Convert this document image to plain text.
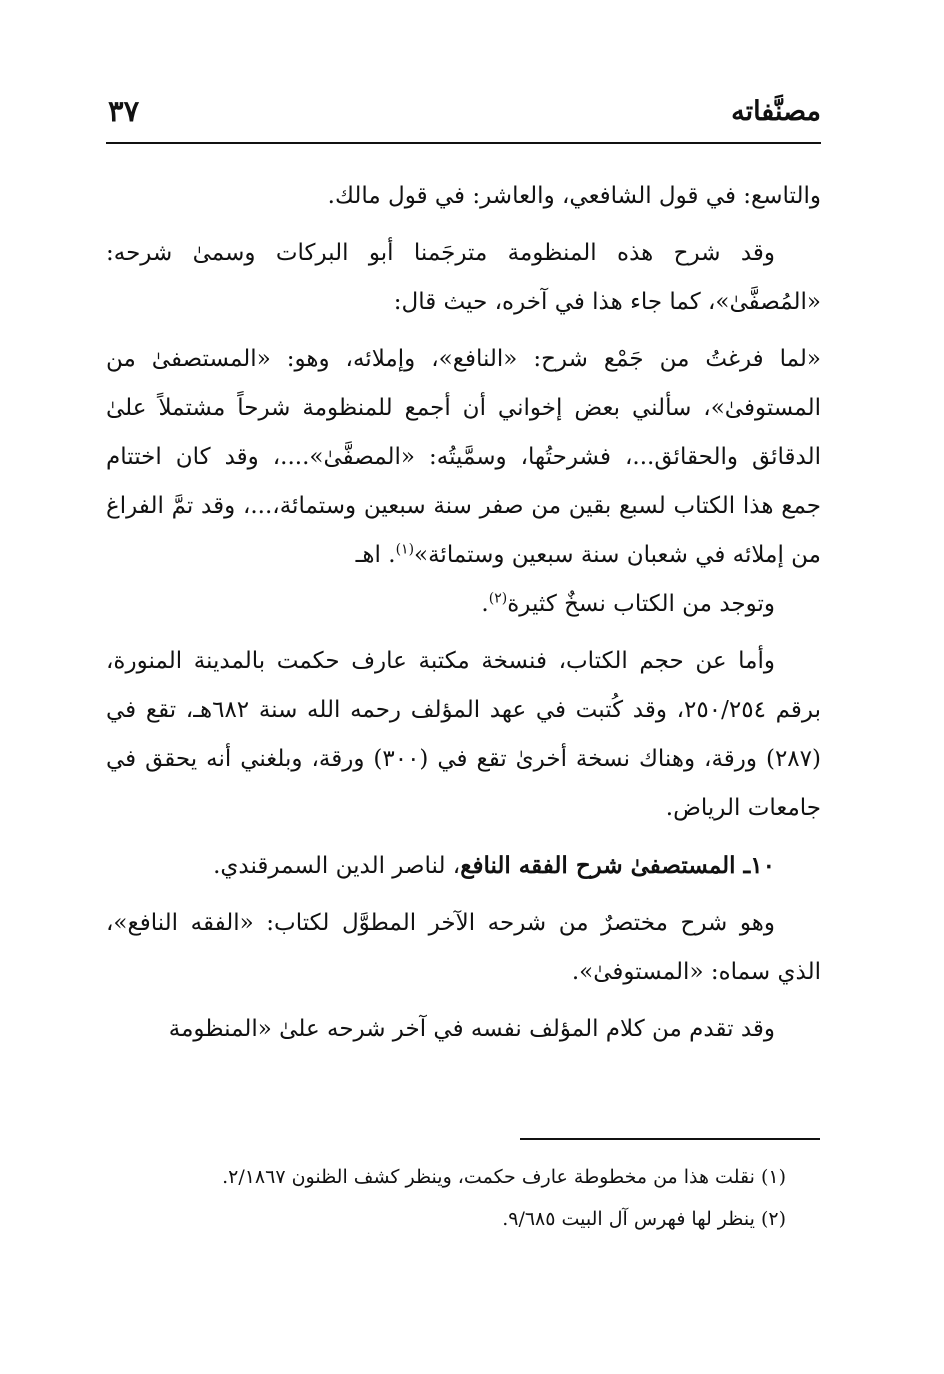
مصنَّفاته
٣٧

والتاسع: في قول الشافعي، والعاشر: في قول مالك.

وقد شرح هذه المنظومة مترجَمنا أبو البركات وسمىٰ شرحه: «المُصفَّىٰ»، كما جاء هذا في آخره، حيث قال:

«لما فرغتُ من جَمْع شرح: «النافع»، وإملائه، وهو: «المستصفىٰ من المستوفىٰ»، سألني بعض إخواني أن أجمع للمنظومة شرحاً مشتملاً علىٰ الدقائق والحقائق...، فشرحتُها، وسمَّيتُه: «المصفَّىٰ»....، وقد كان اختتام جمع هذا الكتاب لسبع بقين من صفر سنة سبعين وستمائة،...، وقد تمَّ الفراغ من إملائه في شعبان سنة سبعين وستمائة»$^{(١)}$. اهـ

وتوجد من الكتاب نسخٌ كثيرة$^{(٢)}$.

وأما عن حجم الكتاب، فنسخة مكتبة عارف حكمت بالمدينة المنورة، برقم ٢٥٠/٢٥٤، وقد كُتبت في عهد المؤلف رحمه الله سنة ٦٨٢هـ، تقع في (٢٨٧) ورقة، وهناك نسخة أخرىٰ تقع في (٣٠٠) ورقة، وبلغني أنه يحقق في جامعات الرياض.

١٠ـ المستصفىٰ شرح الفقه النافع، لناصر الدين السمرقندي.

وهو شرح مختصرٌ من شرحه الآخر المطوَّل لكتاب: «الفقه النافع»، الذي سماه: «المستوفىٰ».

وقد تقدم من كلام المؤلف نفسه في آخر شرحه علىٰ «المنظومة

(١) نقلت هذا من مخطوطة عارف حكمت، وينظر كشف الظنون ٢/١٨٦٧.

(٢) ينظر لها فهرس آل البيت ٩/٦٨٥.
